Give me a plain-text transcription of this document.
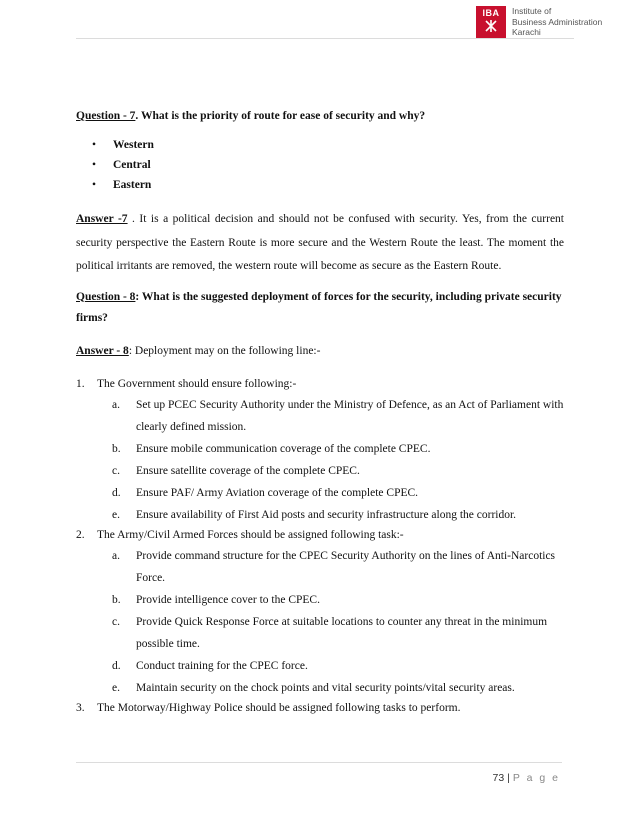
IBA Institute of
Business Administration
Karachi

Question - 7. What is the priority of route for ease of security and why?

• Western
• Central
• Eastern

Answer -7 . It is a political decision and should not be confused with security. Yes, from the current security perspective the Eastern Route is more secure and the Western Route the least. The moment the political irritants are removed, the western route will become as secure as the Eastern Route.

Question - 8: What is the suggested deployment of forces for the security, including private security firms?

Answer - 8: Deployment may on the following line:-

1. The Government should ensure following:-
a. Set up PCEC Security Authority under the Ministry of Defence, as an Act of Parliament with clearly defined mission.
b. Ensure mobile communication coverage of the complete CPEC.
c. Ensure satellite coverage of the complete CPEC.
d. Ensure PAF/ Army Aviation coverage of the complete CPEC.
e. Ensure availability of First Aid posts and security infrastructure along the corridor.
2. The Army/Civil Armed Forces should be assigned following task:-
a. Provide command structure for the CPEC Security Authority on the lines of Anti-Narcotics Force.
b. Provide intelligence cover to the CPEC.
c. Provide Quick Response Force at suitable locations to counter any threat in the minimum possible time.
d. Conduct training for the CPEC force.
e. Maintain security on the chock points and vital security points/vital security areas.
3. The Motorway/Highway Police should be assigned following tasks to perform.
73 | P a g e
